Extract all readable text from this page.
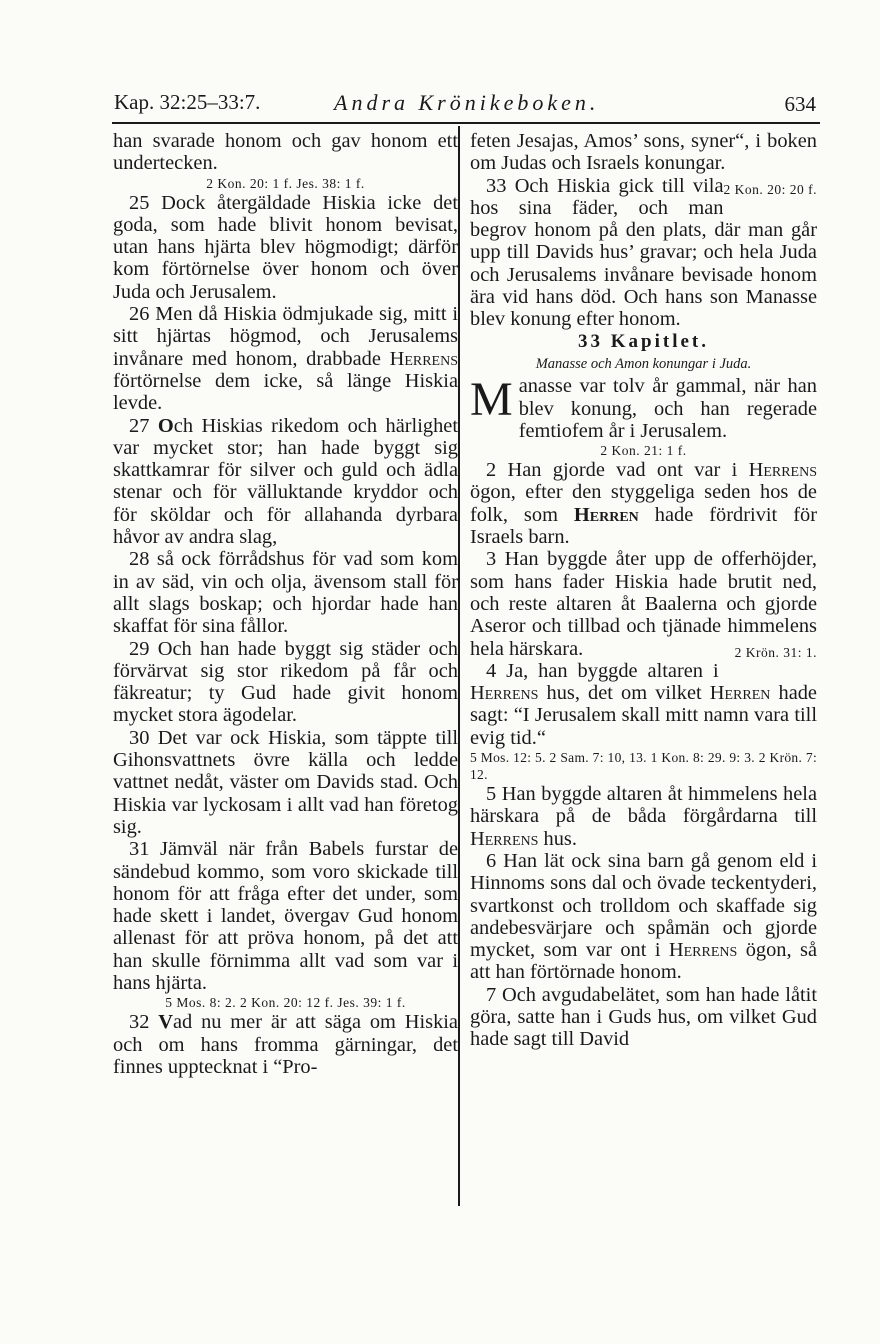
Kap. 32:25–33:7.	Andra Krönikeboken.	634

han svarade honom och gav honom ett undertecken.

2 Kon. 20: 1 f. Jes. 38: 1 f.

25 Dock återgäldade Hiskia icke det goda, som hade blivit honom bevisat, utan hans hjärta blev högmodigt; därför kom förtörnelse över honom och över Juda och Jerusalem.

26 Men då Hiskia ödmjukade sig, mitt i sitt hjärtas högmod, och Jerusalems invånare med honom, drabbade Herrens förtörnelse dem icke, så länge Hiskia levde.

27 Och Hiskias rikedom och härlighet var mycket stor; han hade byggt sig skattkamrar för silver och guld och ädla stenar och för välluktande kryddor och för sköldar och för allahanda dyrbara håvor av andra slag,

28 så ock förrådshus för vad som kom in av säd, vin och olja, ävensom stall för allt slags boskap; och hjordar hade han skaffat för sina fållor.

29 Och han hade byggt sig städer och förvärvat sig stor rikedom på får och fäkreatur; ty Gud hade givit honom mycket stora ägodelar.

30 Det var ock Hiskia, som täppte till Gihonsvattnets övre källa och ledde vattnet nedåt, väster om Davids stad. Och Hiskia var lyckosam i allt vad han företog sig.

31 Jämväl när från Babels furstar de sändebud kommo, som voro skickade till honom för att fråga efter det under, som hade skett i landet, övergav Gud honom allenast för att pröva honom, på det att han skulle förnimma allt vad som var i hans hjärta.

5 Mos. 8: 2. 2 Kon. 20: 12 f. Jes. 39: 1 f.

32 Vad nu mer är att säga om Hiskia och om hans fromma gärningar, det finnes upptecknat i “Pro-

feten Jesajas, Amos’ sons, syner“, i boken om Judas och Israels konungar.
2 Kon. 20: 20 f.

33 Och Hiskia gick till vila hos sina fäder, och man begrov honom på den plats, där man går upp till Davids hus’ gravar; och hela Juda och Jerusalems invånare bevisade honom ära vid hans död. Och hans son Manasse blev konung efter honom.

33 Kapitlet.

Manasse och Amon konungar i Juda.

Manasse var tolv år gammal, när han blev konung, och han regerade femtiofem år i Jerusalem.

2 Kon. 21: 1 f.

2 Han gjorde vad ont var i Herrens ögon, efter den styggeliga seden hos de folk, som Herren hade fördrivit för Israels barn.

3 Han byggde åter upp de offerhöjder, som hans fader Hiskia hade brutit ned, och reste altaren åt Baalerna och gjorde Aseror och tillbad och tjänade himmelens hela härskara.	2 Krön. 31: 1.

4 Ja, han byggde altaren i Herrens hus, det om vilket Herren hade sagt: “I Jerusalem skall mitt namn vara till evig tid.“

5 Mos. 12: 5. 2 Sam. 7: 10, 13. 1 Kon. 8: 29. 9: 3. 2 Krön. 7: 12.

5 Han byggde altaren åt himmelens hela härskara på de båda förgårdarna till Herrens hus.

6 Han lät ock sina barn gå genom eld i Hinnoms sons dal och övade teckentyderi, svartkonst och trolldom och skaffade sig andebesvärjare och spåmän och gjorde mycket, som var ont i Herrens ögon, så att han förtörnade honom.

7 Och avgudabelätet, som han hade låtit göra, satte han i Guds hus, om vilket Gud hade sagt till David
